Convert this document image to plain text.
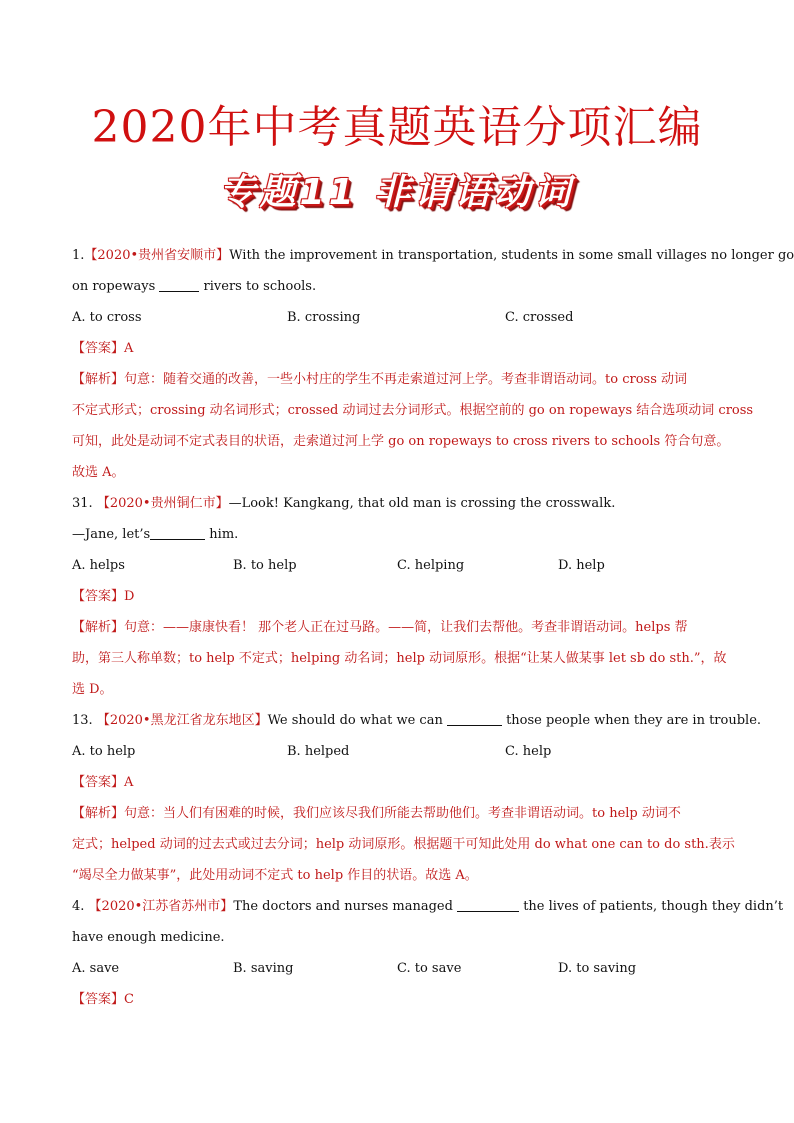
2020年中考真题英语分项汇编
专题11 非谓语动词

1.【2020•贵州省安顺市】With the improvement in transportation, students in some small villages no longer go

on ropeways	rivers to schools.

A. to cross	B. crossing	C. crossed

【答案】A

【解析】句意：随着交通的改善，一些小村庄的学生不再走索道过河上学。考查非谓语动词。to cross 动词

不定式形式；crossing 动名词形式；crossed 动词过去分词形式。根据空前的 go on ropeways 结合选项动词 cross

可知，此处是动词不定式表目的状语，走索道过河上学 go on ropeways to cross rivers to schools 符合句意。

故选 A。

31. 【2020•贵州铜仁市】—Look! Kangkang, that old man is crossing the crosswalk.

—Jane, let’s	him.

A. helps	B. to help	C. helping	D. help

【答案】D

【解析】句意：——康康快看！ 那个老人正在过马路。——简，让我们去帮他。考查非谓语动词。helps 帮

助，第三人称单数；to help 不定式；helping 动名词；help 动词原形。根据“让某人做某事 let sb do sth.”，故

选 D。

13. 【2020•黑龙江省龙东地区】We should do what we can	those people when they are in trouble.

A. to help	B. helped	C. help

【答案】A

【解析】句意：当人们有困难的时候，我们应该尽我们所能去帮助他们。考查非谓语动词。to help 动词不

定式；helped 动词的过去式或过去分词；help 动词原形。根据题干可知此处用 do what one can to do sth.表示

“竭尽全力做某事”，此处用动词不定式 to help 作目的状语。故选 A。

4. 【2020•江苏省苏州市】The doctors and nurses managed	the lives of patients, though they didn’t

have enough medicine.

A. save	B. saving	C. to save	D. to saving

【答案】C
